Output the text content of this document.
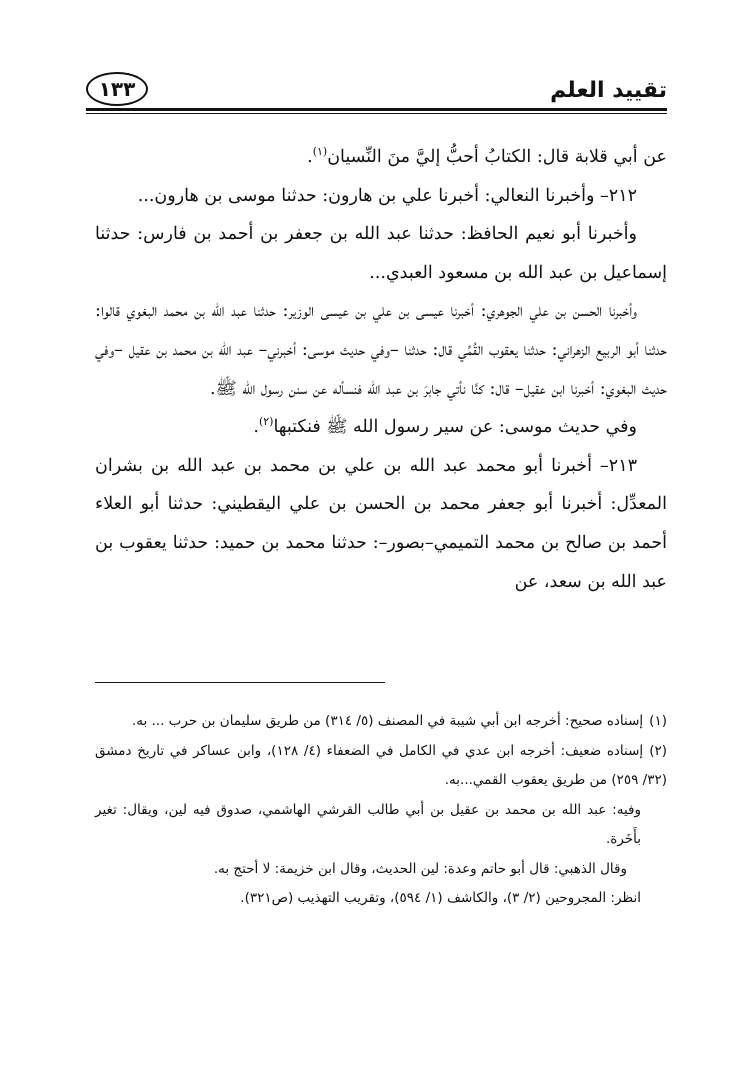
تقييد العلم
١٣٣

عن أبي قلابة قال: الكتابُ أحبُّ إليَّ منَ النِّسيان$^{(١)}$.

٢١٢– وأخبرنا النعالي: أخبرنا علي بن هارون: حدثنا موسى بن هارون...

وأخبرنا أبو نعيم الحافظ: حدثنا عبد الله بن جعفر بن أحمد بن فارس: حدثنا إسماعيل بن عبد الله بن مسعود العبدي...

وأخبرنا الحسن بن علي الجوهري: أخبرنا عيسى بن علي بن عيسى الوزير: حدثنا عبد الله بن محمد البغوي قالوا: حدثنا أبو الربيع الزهراني: حدثنا يعقوب القُمِّي قال: حدثنا –وفي حديث موسى: أخبرني– عبد الله بن محمد بن عقيل –وفي حديث البغوي: أخبرنا ابن عقيل– قال: كنَّا نأتي جابرَ بن عبد الله فنسأله عن سنن رسول الله ﷺ.

وفي حديث موسى: عن سير رسول الله ﷺ فنكتبها$^{(٢)}$.

٢١٣– أخبرنا أبو محمد عبد الله بن علي بن محمد بن عبد الله بن بشران المعدِّل: أخبرنا أبو جعفر محمد بن الحسن بن علي اليقطيني: حدثنا أبو العلاء أحمد بن صالح بن محمد التميمي–بصور–: حدثنا محمد بن حميد: حدثنا يعقوب بن عبد الله بن سعد، عن

(١)إسناده صحيح: أخرجه ابن أبي شيبة في المصنف (٥/ ٣١٤) من طريق سليمان بن حرب ... به.

(٢)إسناده ضعيف: أخرجه ابن عدي في الكامل في الضعفاء (٤/ ١٢٨)، وابن عساكر في تاريخ دمشق (٣٢/ ٢٥٩) من طريق يعقوب القمي...به.

وفيه: عبد الله بن محمد بن عقيل بن أبي طالب القرشي الهاشمي، صدوق فيه لين، ويقال: تغير بأَخَرة.

وقال الذهبي: قال أبو حاتم وعدة: لين الحديث، وقال ابن خزيمة: لا أحتج به.

انظر: المجروحين (٢/ ٣)، والكاشف (١/ ٥٩٤)، وتقريب التهذيب (ص٣٢١).
